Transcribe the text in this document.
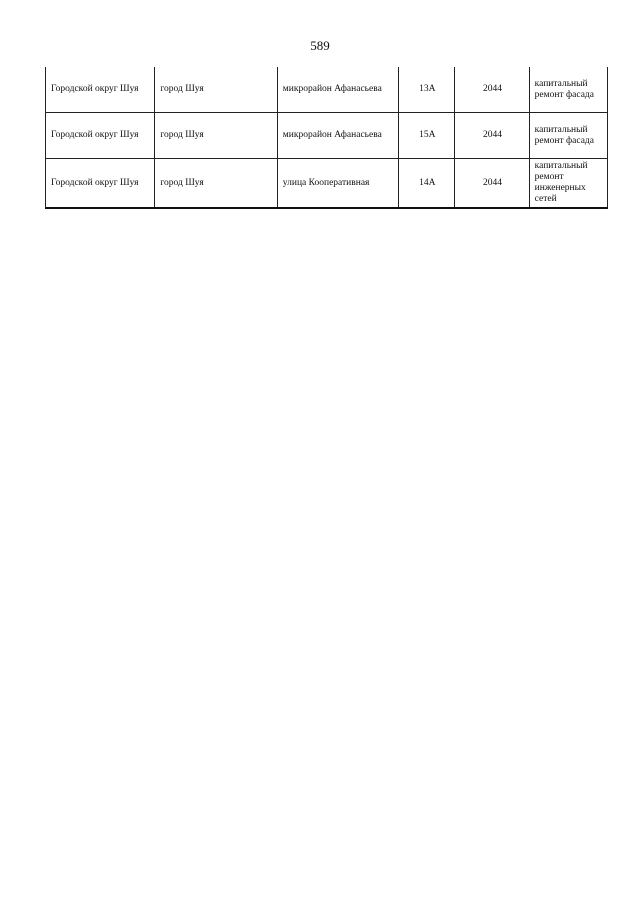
589
Городской округ Шуя	город Шуя	микрорайон Афанасьева	13А	2044	капитальный ремонт фасада
Городской округ Шуя	город Шуя	микрорайон Афанасьева	15А	2044	капитальный ремонт фасада
Городской округ Шуя	город Шуя	улица Кооперативная	14А	2044	капитальный ремонт инженерных сетей
